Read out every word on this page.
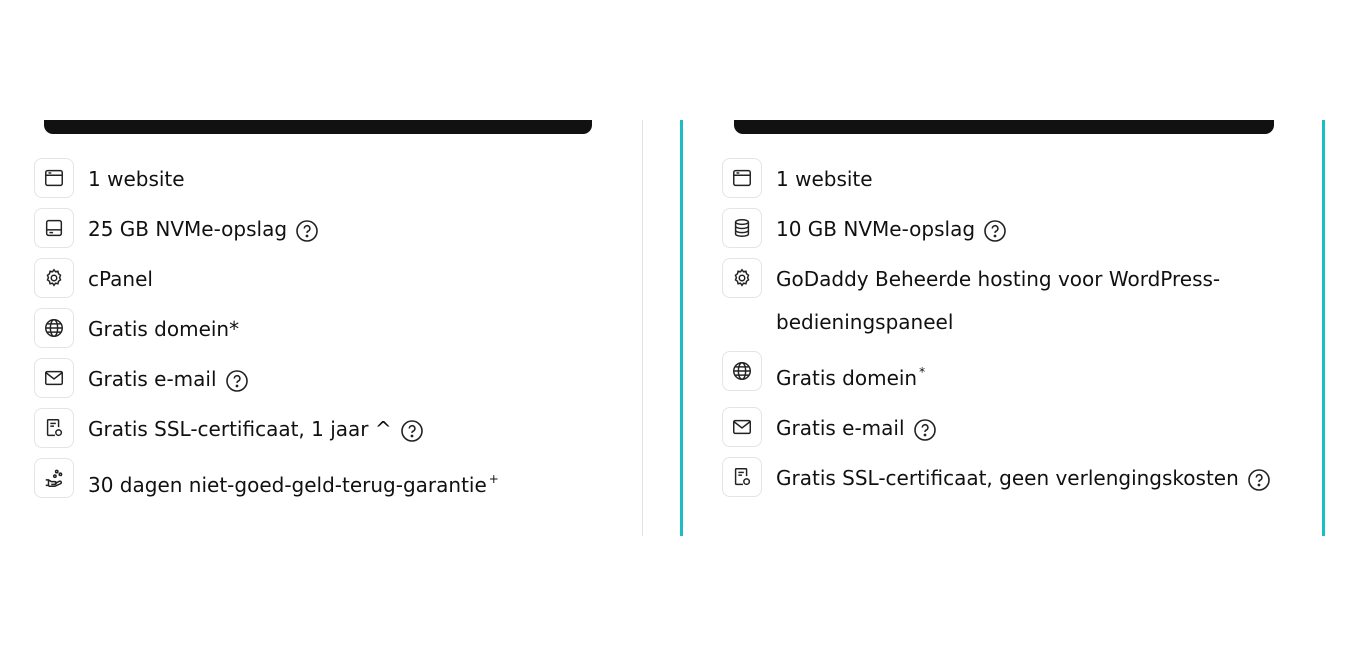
1 website
25 GB NVMe-opslag
cPanel
Gratis domein*
Gratis e-mail
Gratis SSL-certificaat, 1 jaar ^
30 dagen niet-goed-geld-terug-garantie +
1 website
10 GB NVMe-opslag
GoDaddy Beheerde hosting voor WordPress-bedieningspaneel
Gratis domein *
Gratis e-mail
Gratis SSL-certificaat, geen verlengingskosten
